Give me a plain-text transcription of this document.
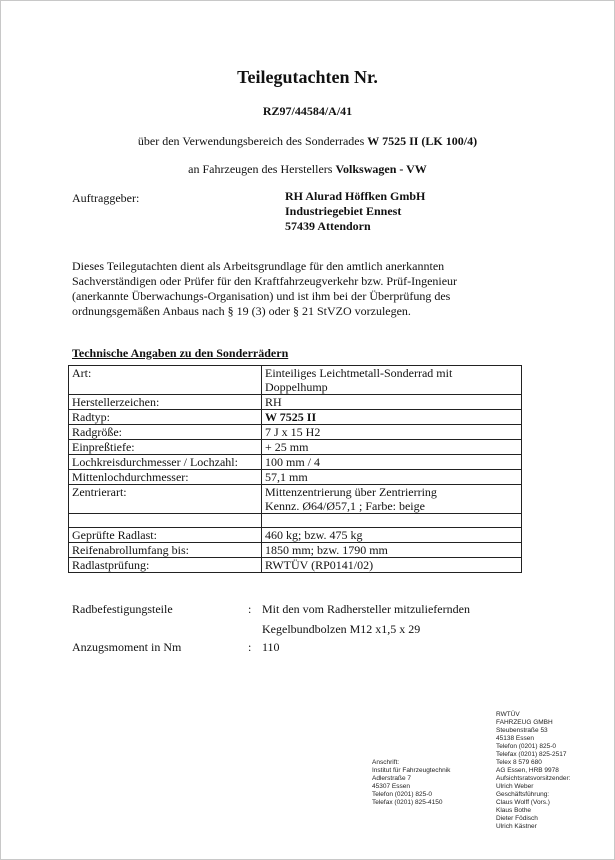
Teilegutachten Nr.
RZ97/44584/A/41
über den Verwendungsbereich des Sonderrades W 7525 II (LK 100/4)
an Fahrzeugen des Herstellers Volkswagen - VW
Auftraggeber:	RH Alurad Höffken GmbH
Industriegebiet Ennest
57439 Attendorn
Dieses Teilegutachten dient als Arbeitsgrundlage für den amtlich anerkannten
Sachverständigen oder Prüfer für den Kraftfahrzeugverkehr bzw. Prüf-Ingenieur
(anerkannte Überwachungs-Organisation) und ist ihm bei der Überprüfung des
ordnungsgemäßen Anbaus nach § 19 (3) oder § 21 StVZO vorzulegen.
Technische Angaben zu den Sonderrädern
Art:	Einteiliges Leichtmetall-Sonderrad mit
Doppelhump

Herstellerzeichen:	RH
Radtyp:	W 7525 II
Radgröße:	7 J x 15 H2
Einpreßtiefe:	+ 25 mm
Lochkreisdurchmesser / Lochzahl:	100 mm / 4
Mittenlochdurchmesser:	57,1 mm
Zentrierart:	Mittenzentrierung über Zentrierring
Kennz. Ø64/Ø57,1 ; Farbe: beige

Geprüfte Radlast:	460 kg; bzw. 475 kg
Reifenabrollumfang bis:	1850 mm; bzw. 1790 mm
Radlastprüfung:	RWTÜV (RP0141/02)
Radbefestigungsteile	: Mit den vom Radhersteller mitzuliefernden
Kegelbundbolzen M12 x1,5 x 29
Anzugsmoment in Nm	: 110
Anschrift:
Institut für Fahrzeugtechnik
Adlerstraße 7
45307 Essen
Telefon (0201) 825-0
Telefax (0201) 825-4150
RWTÜV
FAHRZEUG GMBH
Steubenstraße 53
45138 Essen
Telefon (0201) 825-0
Telefax (0201) 825-2517
Telex 8 579 680
AG Essen, HRB 9978
Aufsichtsratsvorsitzender:
Ulrich Weber
Geschäftsführung:
Claus Wolff (Vors.)
Klaus Bothe
Dieter Födisch
Ulrich Kästner
